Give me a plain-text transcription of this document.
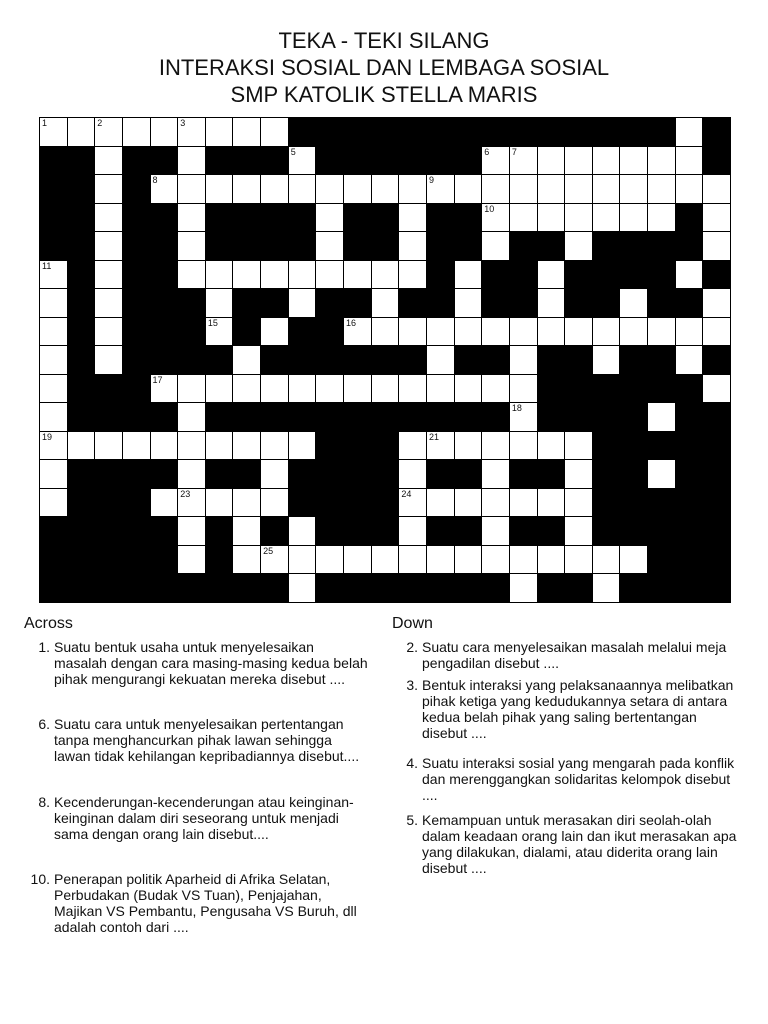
TEKA - TEKI SILANG
INTERAKSI SOSIAL DAN LEMBAGA SOSIAL
SMP KATOLIK STELLA MARIS
1	2	3
5	6	7
8	9
10
11
15	16
17
18
19	21
23	24
25
Across	Down
1. Suatu bentuk usaha untuk menyelesaikan masalah dengan cara masing-masing kedua belah pihak mengurangi kekuatan mereka disebut ....
6. Suatu cara untuk menyelesaikan pertentangan tanpa menghancurkan pihak lawan sehingga lawan tidak kehilangan kepribadiannya disebut....
8. Kecenderungan-kecenderungan atau keinginan-keinginan dalam diri seseorang untuk menjadi sama dengan orang lain disebut....
10. Penerapan politik Aparheid di Afrika Selatan, Perbudakan (Budak VS Tuan), Penjajahan, Majikan VS Pembantu, Pengusaha VS Buruh, dll adalah contoh dari ....
2. Suatu cara menyelesaikan masalah melalui meja pengadilan disebut ....
3. Bentuk interaksi yang pelaksanaannya melibatkan pihak ketiga yang kedudukannya setara di antara kedua belah pihak yang saling bertentangan disebut ....
4. Suatu interaksi sosial yang mengarah pada konflik dan merenggangkan solidaritas kelompok disebut ....
5. Kemampuan untuk merasakan diri seolah-olah dalam keadaan orang lain dan ikut merasakan apa yang dilakukan, dialami, atau diderita orang lain disebut ....
